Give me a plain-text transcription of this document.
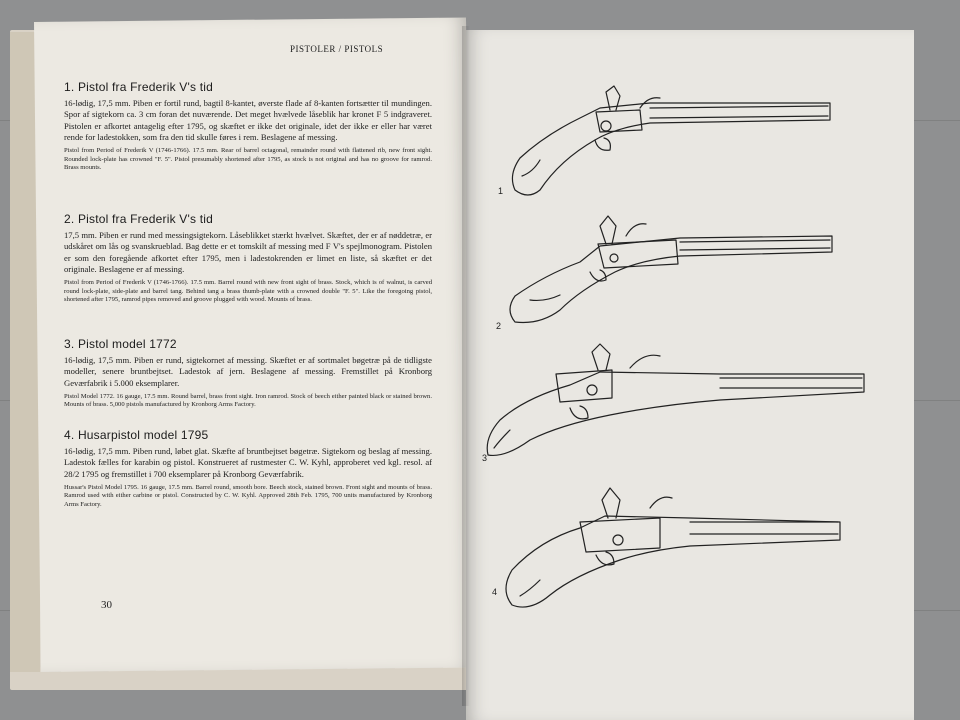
PISTOLER / PISTOLS
1. Pistol fra Frederik V's tid

16-lødig, 17,5 mm. Piben er fortil rund, bagtil 8-kantet, øverste flade af 8-kanten fortsætter til mundingen. Spor af sigtekorn ca. 3 cm foran det nuværende. Det meget hvælvede låseblik har kronet F 5 indgraveret. Pistolen er afkortet antagelig efter 1795, og skæftet er ikke det originale, idet der ikke er eller har været rende for ladestokken, som fra den tid skulle føres i rem. Beslagene af messing.

Pistol from Period of Frederik V (1746-1766). 17.5 mm. Rear of barrel octagonal, remainder round with flattened rib, new front sight. Rounded lock-plate has crowned "F. 5". Pistol presumably shortened after 1795, as stock is not original and has no groove for ramrod. Brass mounts.

2. Pistol fra Frederik V's tid

17,5 mm. Piben er rund med messingsigtekorn. Låseblikket stærkt hvælvet. Skæftet, der er af nøddetræ, er udskåret om lås og svanskrueblad. Bag dette er et tomskilt af messing med F V's spejlmonogram. Pistolen er som den foregående afkortet efter 1795, men i ladestokrenden er limet en liste, så skæftet er det originale. Beslagene er af messing.

Pistol from Period of Frederik V (1746-1766). 17.5 mm. Barrel round with new front sight of brass. Stock, which is of walnut, is carved round lock-plate, side-plate and barrel tang. Behind tang a brass thumb-plate with a crowned double "F. 5". Like the foregoing pistol, shortened after 1795, ramrod pipes removed and groove plugged with wood. Mounts of brass.

3. Pistol model 1772

16-lødig, 17,5 mm. Piben er rund, sigtekornet af messing. Skæftet er af sortmalet bøgetræ på de tidligste modeller, senere bruntbejtset. Ladestok af jern. Beslagene af messing. Fremstillet på Kronborg Geværfabrik i 5.000 eksemplarer.

Pistol Model 1772. 16 gauge, 17.5 mm. Round barrel, brass front sight. Iron ramrod. Stock of beech either painted black or stained brown. Mounts of brass. 5,000 pistols manufactured by Kronborg Arms Factory.

4. Husarpistol model 1795

16-lødig, 17,5 mm. Piben rund, løbet glat. Skæfte af bruntbejtset bøgetræ. Sigtekorn og beslag af messing. Ladestok fælles for karabin og pistol. Konstrueret af rustmester C. W. Kyhl, approberet ved kgl. resol. af 28/2 1795 og fremstillet i 700 eksemplarer på Kronborg Geværfabrik.

Hussar's Pistol Model 1795. 16 gauge, 17.5 mm. Barrel round, smooth bore. Beech stock, stained brown. Front sight and mounts of brass. Ramrod used with either carbine or pistol. Constructed by C. W. Kyhl. Approved 28th Feb. 1795, 700 units manufactured by Kronborg Arms Factory.

30
1
2
3
4
